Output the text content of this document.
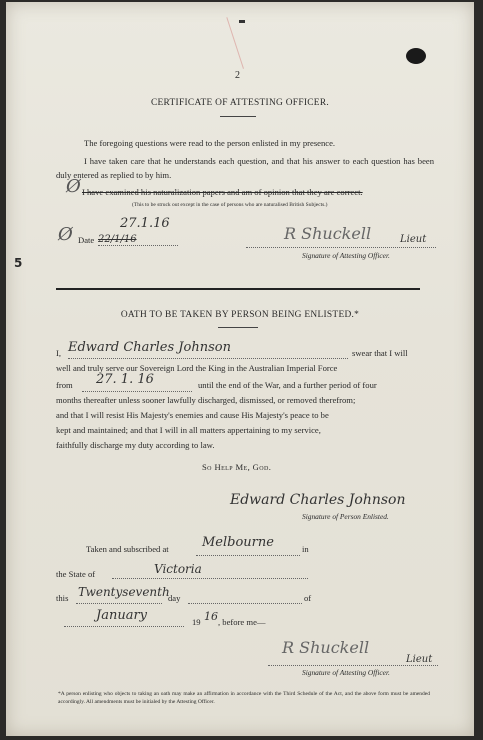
2
CERTIFICATE OF ATTESTING OFFICER.
The foregoing questions were read to the person enlisted in my presence.
I have taken care that he understands each question, and that his answer to each question has been duly entered as replied to by him.
I have examined his naturalization papers and am of opinion that they are correct.
Ø
(This to be struck out except in the case of persons who are naturalised British Subjects.)
Ø Date
27.1.16
22/1/16	R Shuckell	Lieut
Signature of Attesting Officer.
5
OATH TO BE TAKEN BY PERSON BEING ENLISTED.*
I, Edward Charles Johnson	swear that I will
well and truly serve our Sovereign Lord the King in the Australian Imperial Force
from 27. 1. 16	until the end of the War, and a further period of four
months thereafter unless sooner lawfully discharged, dismissed, or removed therefrom;
and that I will resist His Majesty's enemies and cause His Majesty's peace to be
kept and maintained; and that I will in all matters appertaining to my service,
faithfully discharge my duty according to law.
So Help Me, God.
Edward Charles Johnson
Signature of Person Enlisted.
Taken and subscribed at	Melbourne	in
the State of	Victoria
this Twentyseventh
day	of
January	19 16 , before me—
R Shuckell
Lieut
Signature of Attesting Officer.
*A person enlisting who objects to taking an oath may make an affirmation in accordance with the Third Schedule of the Act, and the above form must be amended accordingly. All amendments must be initialed by the Attesting Officer.
